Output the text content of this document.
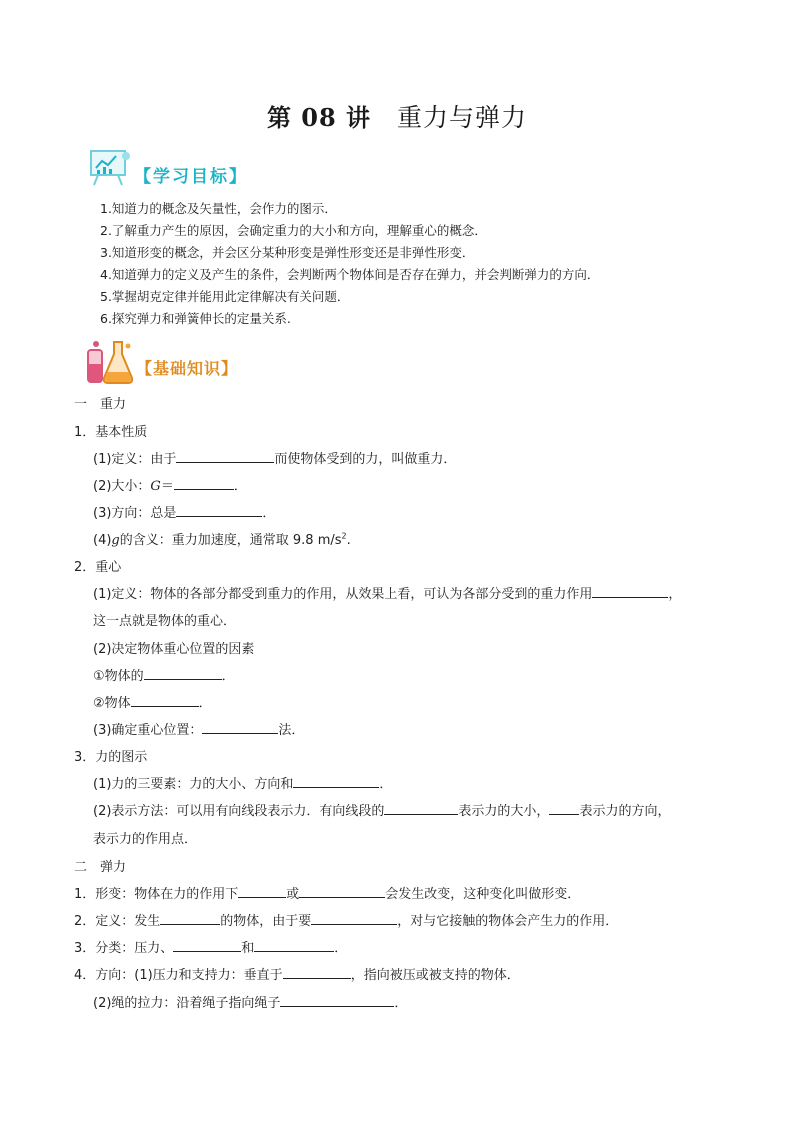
第 08 讲 重力与弹力
【学习目标】
1.知道力的概念及矢量性，会作力的图示．
2.了解重力产生的原因，会确定重力的大小和方向，理解重心的概念．
3.知道形变的概念，并会区分某种形变是弹性形变还是非弹性形变．
4.知道弹力的定义及产生的条件，会判断两个物体间是否存在弹力，并会判断弹力的方向．
5.掌握胡克定律并能用此定律解决有关问题．
6.探究弹力和弹簧伸长的定量关系.
【基础知识】
一　重力
1．基本性质
(1)定义：由于	而使物体受到的力，叫做重力．
(2)大小：G＝	．
(3)方向：总是	．
(4)g的含义：重力加速度，通常取 9.8 $m/s^2$.
2．重心
(1)定义：物体的各部分都受到重力的作用，从效果上看，可认为各部分受到的重力作用	，
这一点就是物体的重心．
(2)决定物体重心位置的因素
①物体的	．
②物体	．
(3)确定重心位置：	法．
3．力的图示
(1)力的三要素：力的大小、方向和	．
(2)表示方法：可以用有向线段表示力．有向线段的	表示力的大小， 表示力的方向，
表示力的作用点．
二　弹力
1．形变：物体在力的作用下	或	会发生改变，这种变化叫做形变．
2．定义：发生	的物体，由于要	，对与它接触的物体会产生力的作用．
3．分类：压力、	和	．
4．方向：(1)压力和支持力：垂直于	，指向被压或被支持的物体．
(2)绳的拉力：沿着绳子指向绳子	．
